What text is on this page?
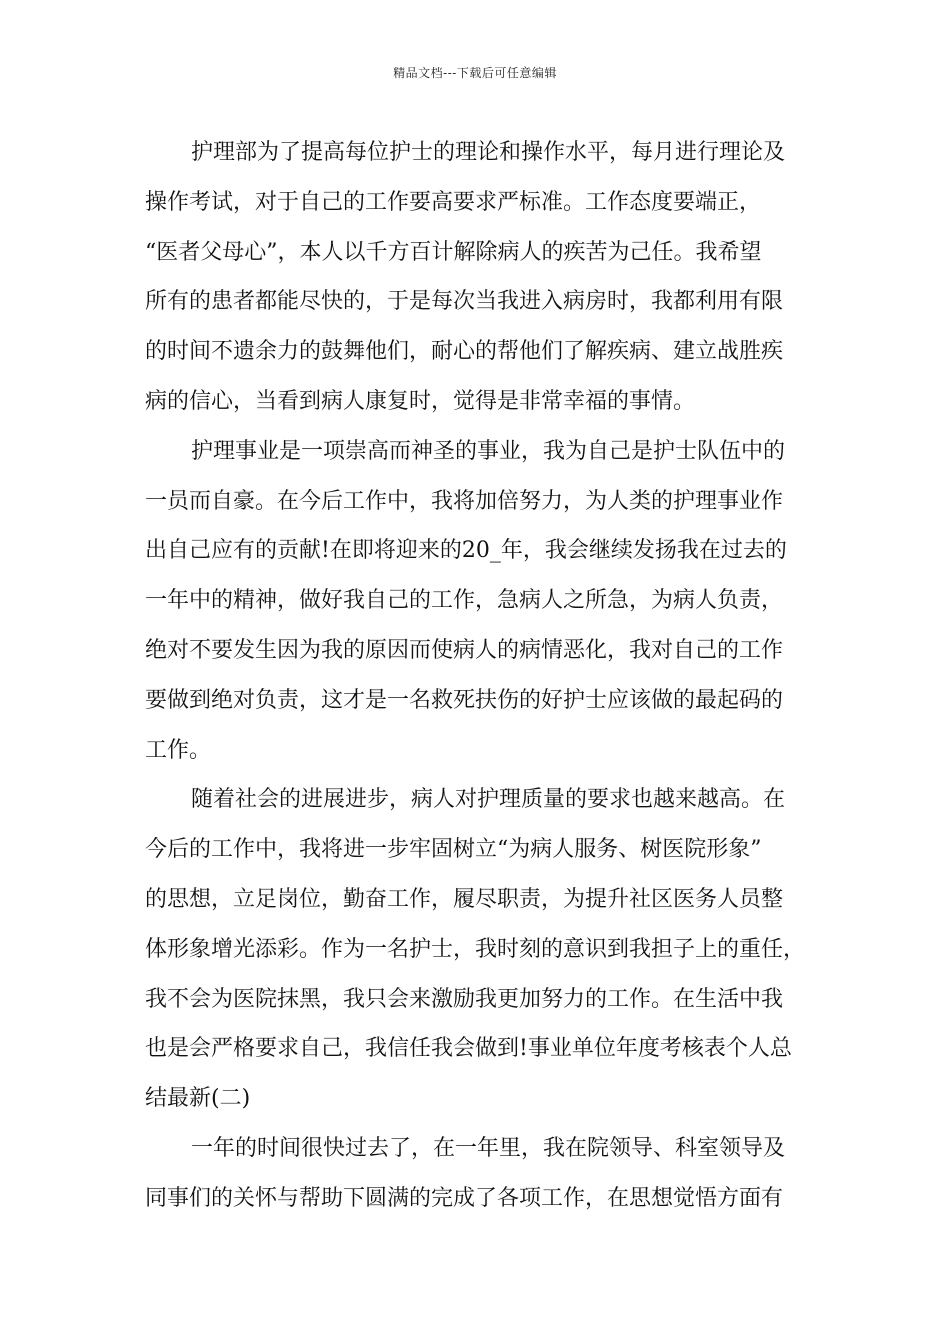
精品文档---下载后可任意编辑
护理部为了提高每位护士的理论和操作水平，每月进行理论及
操作考试，对于自己的工作要高要求严标准。工作态度要端正，
“医者父母心”，本人以千方百计解除病人的疾苦为己任。我希望
所有的患者都能尽快的，于是每次当我进入病房时，我都利用有限
的时间不遗余力的鼓舞他们，耐心的帮他们了解疾病、建立战胜疾
病的信心，当看到病人康复时，觉得是非常幸福的事情。
护理事业是一项崇高而神圣的事业，我为自己是护士队伍中的
一员而自豪。在今后工作中，我将加倍努力，为人类的护理事业作
出自己应有的贡献!在即将迎来的20_年，我会继续发扬我在过去的
一年中的精神，做好我自己的工作，急病人之所急，为病人负责，
绝对不要发生因为我的原因而使病人的病情恶化，我对自己的工作
要做到绝对负责，这才是一名救死扶伤的好护士应该做的最起码的
工作。
随着社会的进展进步，病人对护理质量的要求也越来越高。在
今后的工作中，我将进一步牢固树立“为病人服务、树医院形象”
的思想，立足岗位，勤奋工作，履尽职责，为提升社区医务人员整
体形象增光添彩。作为一名护士，我时刻的意识到我担子上的重任，
我不会为医院抹黑，我只会来激励我更加努力的工作。在生活中我
也是会严格要求自己，我信任我会做到!事业单位年度考核表个人总
结最新(二)
一年的时间很快过去了，在一年里，我在院领导、科室领导及
同事们的关怀与帮助下圆满的完成了各项工作，在思想觉悟方面有
